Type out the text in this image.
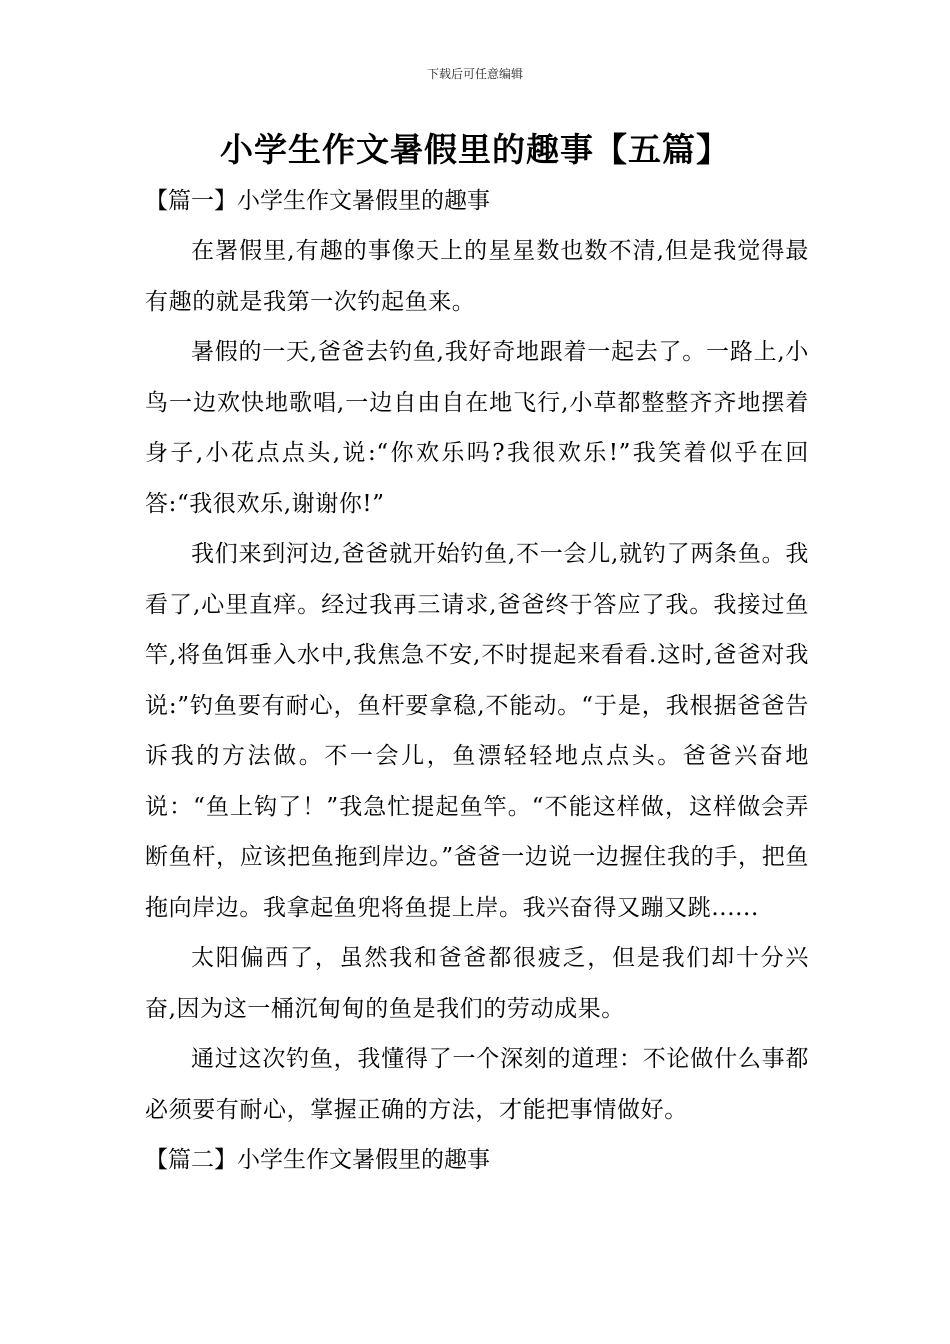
下载后可任意编辑
小学生作文暑假里的趣事【五篇】
【篇一】小学生作文暑假里的趣事

在署假里,有趣的事像天上的星星数也数不清,但是我觉得最有趣的就是我第一次钓起鱼来。

暑假的一天,爸爸去钓鱼,我好奇地跟着一起去了。一路上,小鸟一边欢快地歌唱,一边自由自在地飞行,小草都整整齐齐地摆着身子,小花点点头,说:“你欢乐吗?我很欢乐!”我笑着似乎在回答:“我很欢乐,谢谢你!”

我们来到河边,爸爸就开始钓鱼,不一会儿,就钓了两条鱼。我看了,心里直痒。经过我再三请求,爸爸终于答应了我。我接过鱼竿,将鱼饵垂入水中,我焦急不安,不时提起来看看.这时,爸爸对我说:”钓鱼要有耐心，鱼杆要拿稳,不能动。“于是，我根据爸爸告诉我的方法做。不一会儿，鱼漂轻轻地点点头。爸爸兴奋地说：“鱼上钩了！”我急忙提起鱼竿。“不能这样做，这样做会弄断鱼杆，应该把鱼拖到岸边。”爸爸一边说一边握住我的手，把鱼拖向岸边。我拿起鱼兜将鱼提上岸。我兴奋得又蹦又跳......

太阳偏西了，虽然我和爸爸都很疲乏，但是我们却十分兴奋,因为这一桶沉甸甸的鱼是我们的劳动成果。

通过这次钓鱼，我懂得了一个深刻的道理：不论做什么事都必须要有耐心，掌握正确的方法，才能把事情做好。

【篇二】小学生作文暑假里的趣事
